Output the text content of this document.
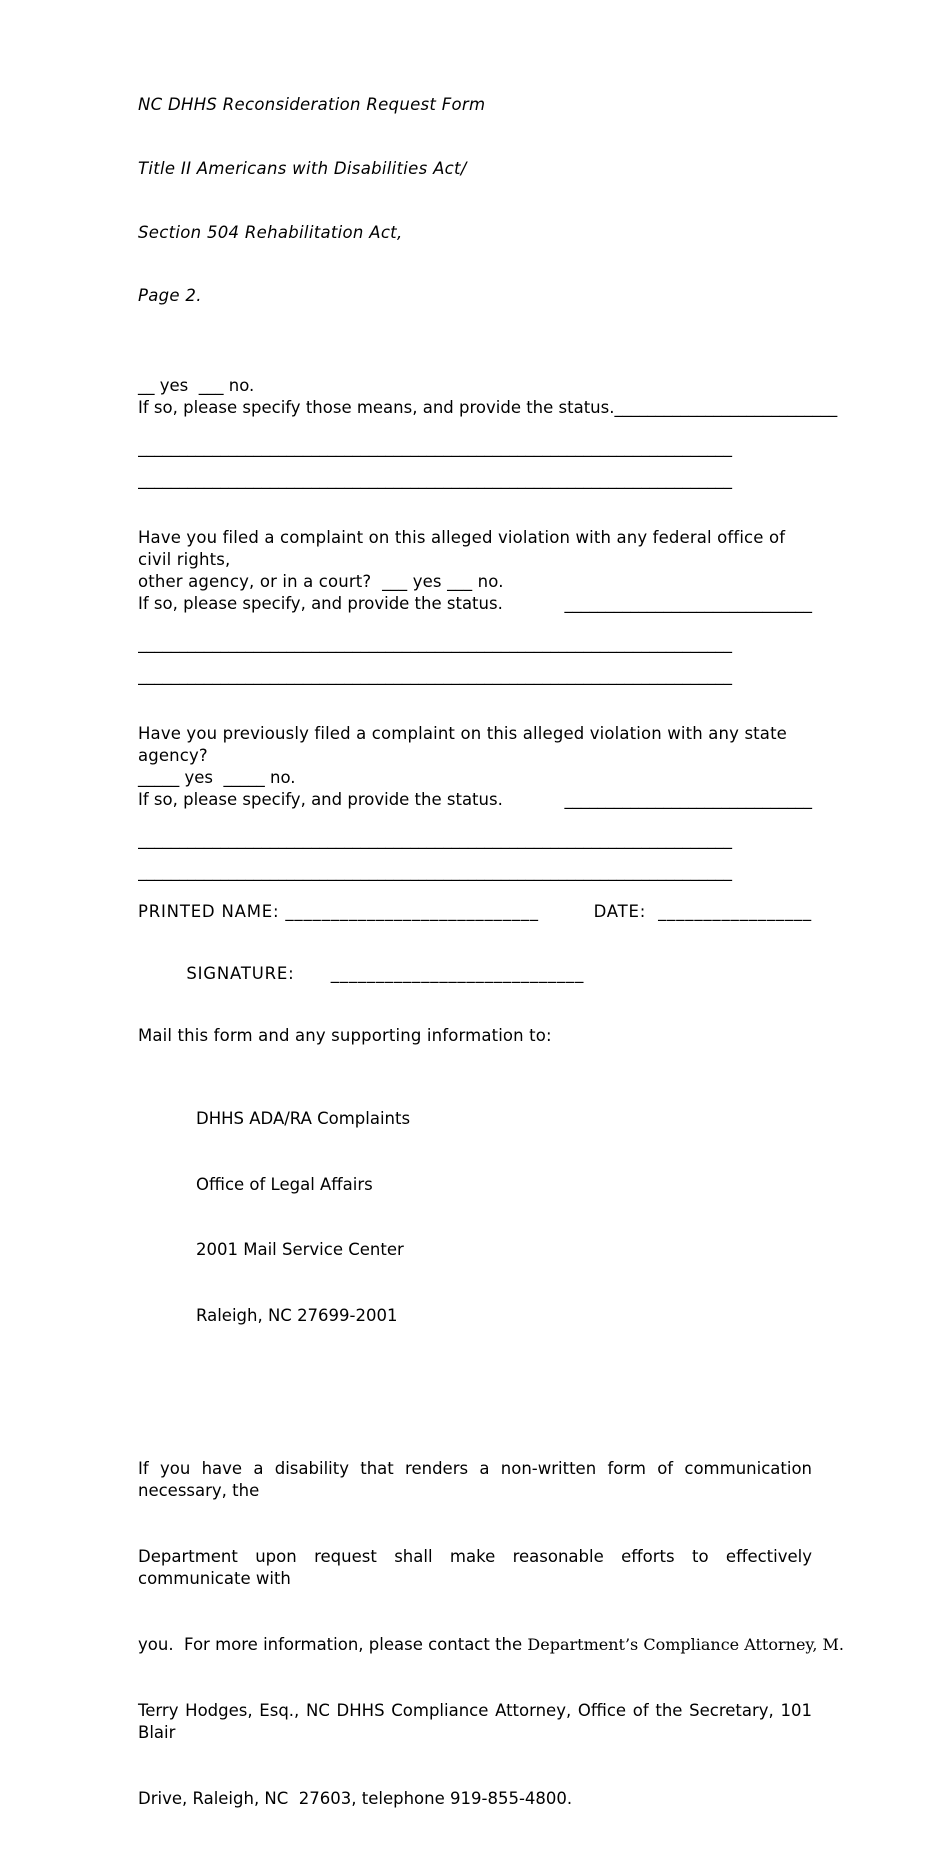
NC DHHS Reconsideration Request Form

Title II Americans with Disabilities Act/

Section 504 Rehabilitation Act,

Page 2.

__ yes  ___ no.
If so, please specify those means, and provide the status. ___________________________
________________________________________________________________________
________________________________________________________________________
Have you filed a complaint on this alleged violation with any federal office of civil rights,
other agency, or in a court?  ___ yes ___ no.
If so, please specify, and provide the status.	______________________________
________________________________________________________________________
________________________________________________________________________
Have you previously filed a complaint on this alleged violation with any state agency?
_____ yes  _____ no.
If so, please specify, and provide the status.	______________________________
________________________________________________________________________
________________________________________________________________________
PRINTED NAME: ____________________________	DATE:  _________________

SIGNATURE: ____________________________

Mail this form and any supporting information to:

DHHS ADA/RA Complaints

Office of Legal Affairs

2001 Mail Service Center

Raleigh, NC 27699-2001

If you have a disability that renders a non-written form of communication necessary, the

Department upon request shall make reasonable efforts to effectively communicate with

you.  For more information, please contact the Department’s Compliance Attorney, M.

Terry Hodges, Esq., NC DHHS Compliance Attorney, Office of the Secretary, 101 Blair

Drive, Raleigh, NC  27603, telephone 919-855-4800.
